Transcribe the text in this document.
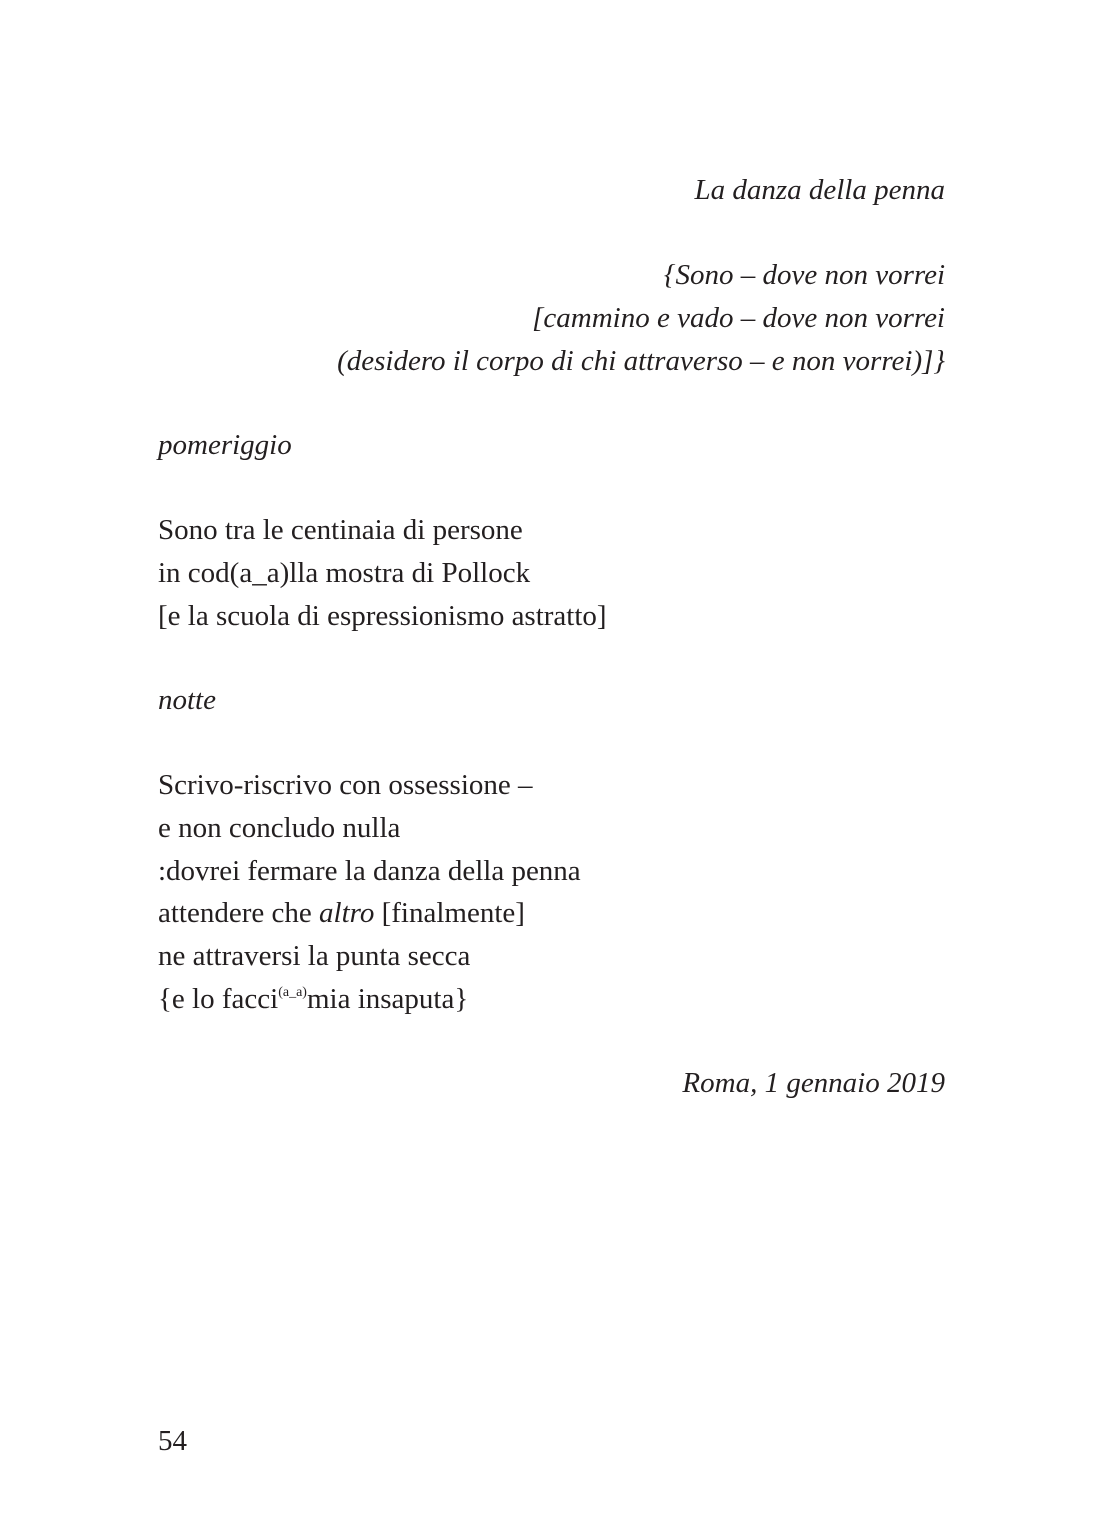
La danza della penna
{Sono – dove non vorrei
[cammino e vado – dove non vorrei
(desidero il corpo di chi attraverso – e non vorrei)]}
pomeriggio
Sono tra le centinaia di persone
in cod(a_a)lla mostra di Pollock
[e la scuola di espressionismo astratto]
notte
Scrivo-riscrivo con ossessione –
e non concludo nulla
:dovrei fermare la danza della penna
attendere che altro [finalmente]
ne attraversi la punta secca
{e lo facci$^{(a\_a)}$mia insaputa}
Roma, 1 gennaio 2019
54
